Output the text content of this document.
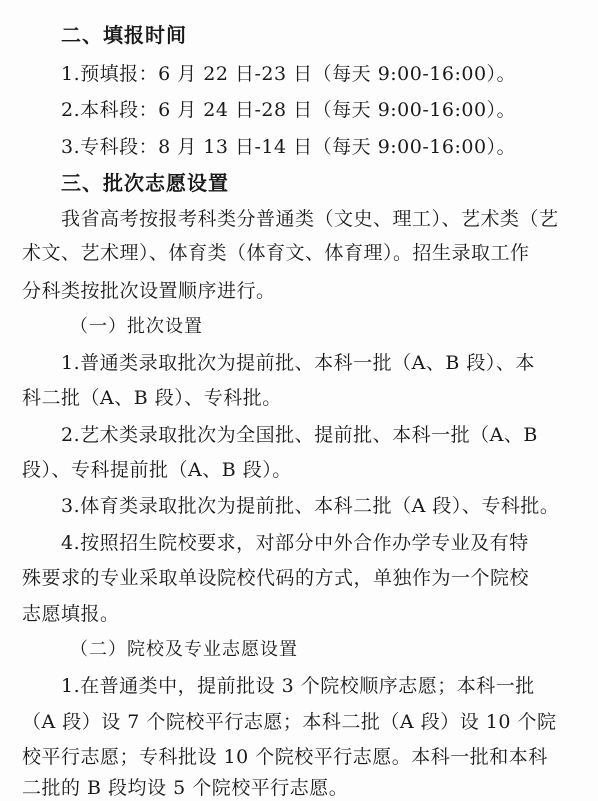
二、填报时间
1.预填报：6 月 22 日-23 日（每天 9:00-16:00）。
2.本科段：6 月 24 日-28 日（每天 9:00-16:00）。
3.专科段：8 月 13 日-14 日（每天 9:00-16:00）。
三、批次志愿设置
我省高考按报考科类分普通类（文史、理工）、艺术类（艺
术文、艺术理）、体育类（体育文、体育理）。招生录取工作
分科类按批次设置顺序进行。
（一）批次设置
1.普通类录取批次为提前批、本科一批（A、B 段）、本
科二批（A、B 段）、专科批。
2.艺术类录取批次为全国批、提前批、本科一批（A、B
段）、专科提前批（A、B 段）。
3.体育类录取批次为提前批、本科二批（A 段）、专科批。
4.按照招生院校要求，对部分中外合作办学专业及有特
殊要求的专业采取单设院校代码的方式，单独作为一个院校
志愿填报。
（二）院校及专业志愿设置
1.在普通类中，提前批设 3 个院校顺序志愿；本科一批
（A 段）设 7 个院校平行志愿；本科二批（A 段）设 10 个院
校平行志愿；专科批设 10 个院校平行志愿。本科一批和本科
二批的 B 段均设 5 个院校平行志愿。
